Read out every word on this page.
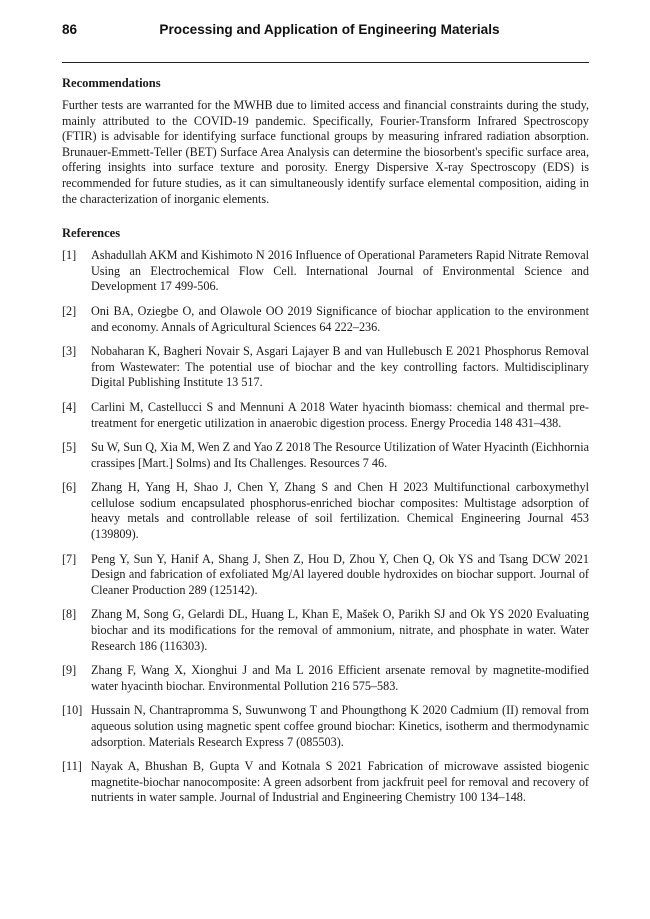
86	Processing and Application of Engineering Materials
Recommendations

Further tests are warranted for the MWHB due to limited access and financial constraints during the study, mainly attributed to the COVID-19 pandemic. Specifically, Fourier-Transform Infrared Spectroscopy (FTIR) is advisable for identifying surface functional groups by measuring infrared radiation absorption. Brunauer-Emmett-Teller (BET) Surface Area Analysis can determine the biosorbent's specific surface area, offering insights into surface texture and porosity. Energy Dispersive X-ray Spectroscopy (EDS) is recommended for future studies, as it can simultaneously identify surface elemental composition, aiding in the characterization of inorganic elements.

References
[1]	Ashadullah AKM and Kishimoto N 2016 Influence of Operational Parameters Rapid Nitrate Removal Using an Electrochemical Flow Cell. International Journal of Environmental Science and Development 17 499-506.
[2]	Oni BA, Oziegbe O, and Olawole OO 2019 Significance of biochar application to the environment and economy. Annals of Agricultural Sciences 64 222–236.
[3]	Nobaharan K, Bagheri Novair S, Asgari Lajayer B and van Hullebusch E 2021 Phosphorus Removal from Wastewater: The potential use of biochar and the key controlling factors. Multidisciplinary Digital Publishing Institute 13 517.
[4]	Carlini M, Castellucci S and Mennuni A 2018 Water hyacinth biomass: chemical and thermal pre-treatment for energetic utilization in anaerobic digestion process. Energy Procedia 148 431–438.
[5]	Su W, Sun Q, Xia M, Wen Z and Yao Z 2018 The Resource Utilization of Water Hyacinth (Eichhornia crassipes [Mart.] Solms) and Its Challenges. Resources 7 46.
[6]	Zhang H, Yang H, Shao J, Chen Y, Zhang S and Chen H 2023 Multifunctional carboxymethyl cellulose sodium encapsulated phosphorus-enriched biochar composites: Multistage adsorption of heavy metals and controllable release of soil fertilization. Chemical Engineering Journal 453 (139809).
[7]	Peng Y, Sun Y, Hanif A, Shang J, Shen Z, Hou D, Zhou Y, Chen Q, Ok YS and Tsang DCW 2021 Design and fabrication of exfoliated Mg/Al layered double hydroxides on biochar support. Journal of Cleaner Production 289 (125142).
[8]	Zhang M, Song G, Gelardi DL, Huang L, Khan E, Mašek O, Parikh SJ and Ok YS 2020 Evaluating biochar and its modifications for the removal of ammonium, nitrate, and phosphate in water. Water Research 186 (116303).
[9]	Zhang F, Wang X, Xionghui J and Ma L 2016 Efficient arsenate removal by magnetite-modified water hyacinth biochar. Environmental Pollution 216 575–583.
[10] Hussain N, Chantrapromma S, Suwunwong T and Phoungthong K 2020 Cadmium (II) removal from aqueous solution using magnetic spent coffee ground biochar: Kinetics, isotherm and thermodynamic adsorption. Materials Research Express 7 (085503).
[11] Nayak A, Bhushan B, Gupta V and Kotnala S 2021 Fabrication of microwave assisted biogenic magnetite-biochar nanocomposite: A green adsorbent from jackfruit peel for removal and recovery of nutrients in water sample. Journal of Industrial and Engineering Chemistry 100 134–148.
